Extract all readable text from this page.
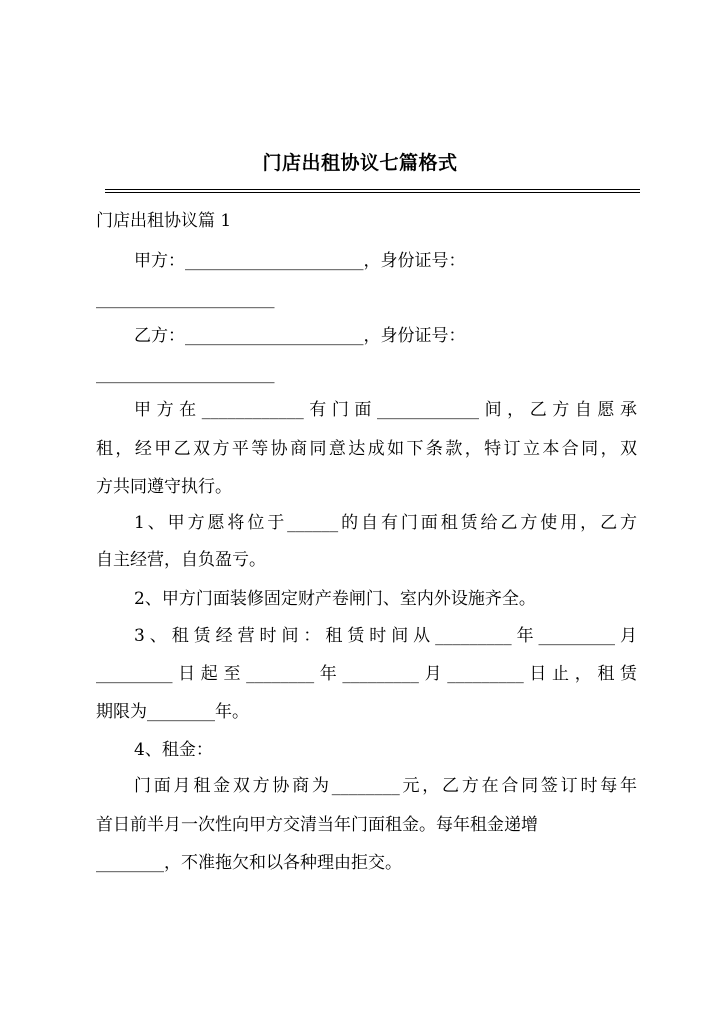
门店出租协议七篇格式
门店出租协议篇 1
甲方：_____________________，身份证号：
_____________________
乙方：_____________________，身份证号：
_____________________
甲方在____________有门面____________间，乙方自愿承
租，经甲乙双方平等协商同意达成如下条款，特订立本合同，双
方共同遵守执行。
1、甲方愿将位于______的自有门面租赁给乙方使用，乙方
自主经营，自负盈亏。
2、甲方门面装修固定财产卷闸门、室内外设施齐全。
3、租赁经营时间：租赁时间从_________年_________月
_________日起至________年_________月_________日止，租赁
期限为________年。
4、租金：
门面月租金双方协商为________元，乙方在合同签订时每年
首日前半月一次性向甲方交清当年门面租金。每年租金递增
________，不准拖欠和以各种理由拒交。
